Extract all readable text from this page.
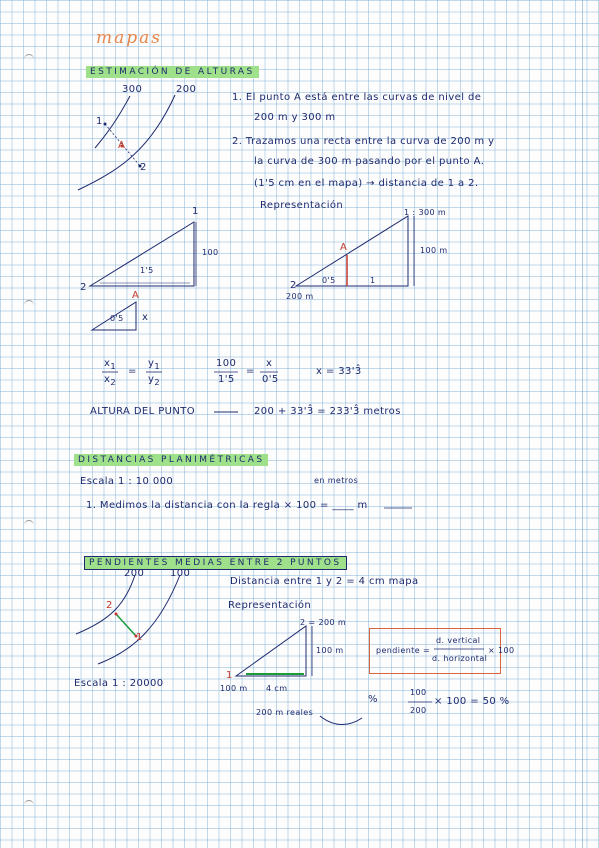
mapas
ESTIMACIÓN DE ALTURAS
300	200
1
2
A
1. El punto A está entre las curvas de nivel de
200 m y 300 m
2. Trazamos una recta entre la curva de 200 m y
la curva de 300 m pasando por el punto A.
(1'5 cm en el mapa) → distancia de 1 a 2.
Representación
1
2
100
1'5
A
0'5 x
1 : 300 m
100 m
A
2	0'5	1
200 m
$x_1$
$x_2$
=
$y_1$
$y_2$
100
1'5
=
x
0'5
x = 33'3̂
ALTURA DEL PUNTO	200 + 33'3̂ = 233'3̂ metros
DISTANCIAS PLANIMÉTRICAS
Escala 1 : 10 000	en metros
1. Medimos la distancia con la regla × 100 = ____ m
PENDIENTES MEDIAS ENTRE 2 PUNTOS
200	100
2
1
Escala 1 : 20000
Distancia entre 1 y 2 = 4 cm mapa
Representación
2 = 200 m
100 m
1
100 m 4 cm
200 m reales
pendiente =
d. vertical
d. horizontal
× 100
%
100
200
× 100 = 50 %
